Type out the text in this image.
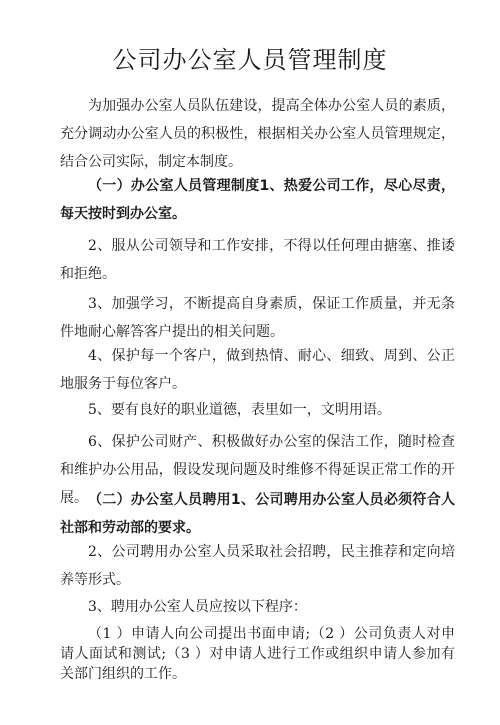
公司办公室人员管理制度

为加强办公室人员队伍建设，提高全体办公室人员的素质，充分调动办公室人员的积极性，根据相关办公室人员管理规定，结合公司实际，制定本制度。

（一）办公室人员管理制度1、热爱公司工作，尽心尽责，每天按时到办公室。

2、服从公司领导和工作安排，不得以任何理由搪塞、推诿和拒绝。

3、加强学习，不断提高自身素质，保证工作质量，并无条件地耐心解答客户提出的相关问题。

4、保护每一个客户，做到热情、耐心、细致、周到、公正地服务于每位客户。

5、要有良好的职业道德，表里如一，文明用语。

6、保护公司财产、积极做好办公室的保洁工作，随时检查和维护办公用品，假设发现问题及时维修不得延误正常工作的开展。 （二）办公室人员聘用1、公司聘用办公室人员必须符合人社部和劳动部的要求。

2、公司聘用办公室人员采取社会招聘，民主推荐和定向培养等形式。

3、聘用办公室人员应按以下程序：

（1 ）申请人向公司提出书面申请;（2 ）公司负责人对申请人面试和测试;（3 ）对申请人进行工作或组织申请人参加有关部门组织的工作。
